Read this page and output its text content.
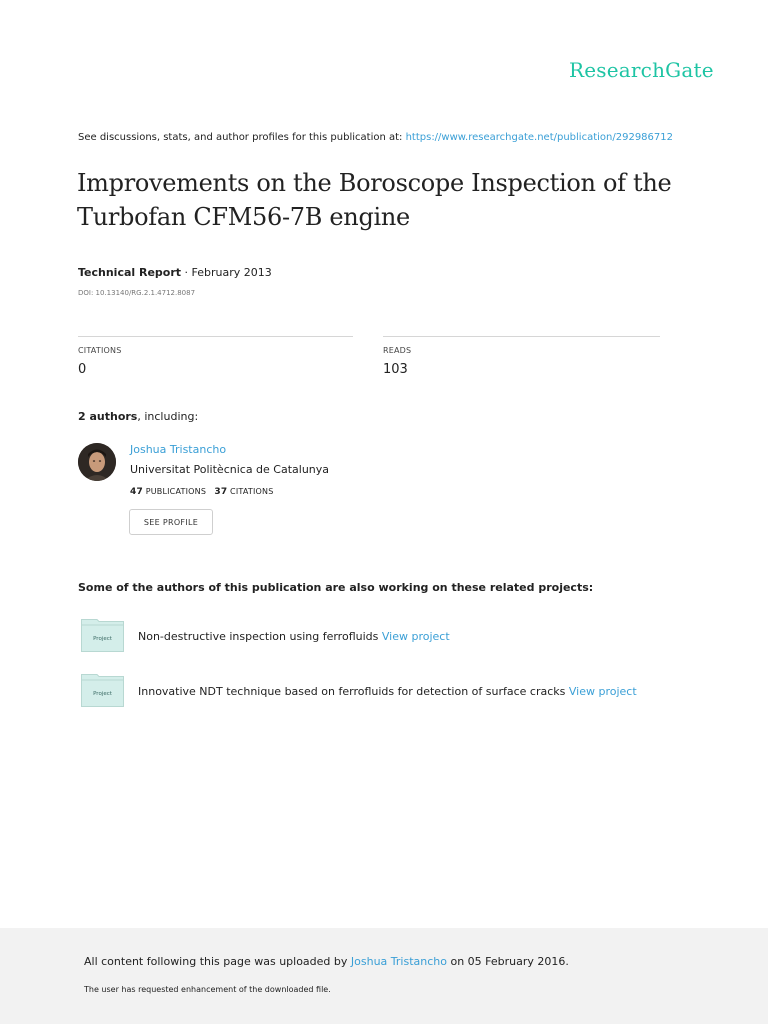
ResearchGate
See discussions, stats, and author profiles for this publication at: https://www.researchgate.net/publication/292986712
Improvements on the Boroscope Inspection of the Turbofan CFM56-7B engine
Technical Report · February 2013
DOI: 10.13140/RG.2.1.4712.8087
CITATIONS
0
READS
103
2 authors, including:
Joshua Tristancho
Universitat Politècnica de Catalunya
47 PUBLICATIONS 37 CITATIONS
SEE PROFILE
Some of the authors of this publication are also working on these related projects:
Project Non-destructive inspection using ferrofluids View project
Project Innovative NDT technique based on ferrofluids for detection of surface cracks View project
All content following this page was uploaded by Joshua Tristancho on 05 February 2016.
The user has requested enhancement of the downloaded file.
